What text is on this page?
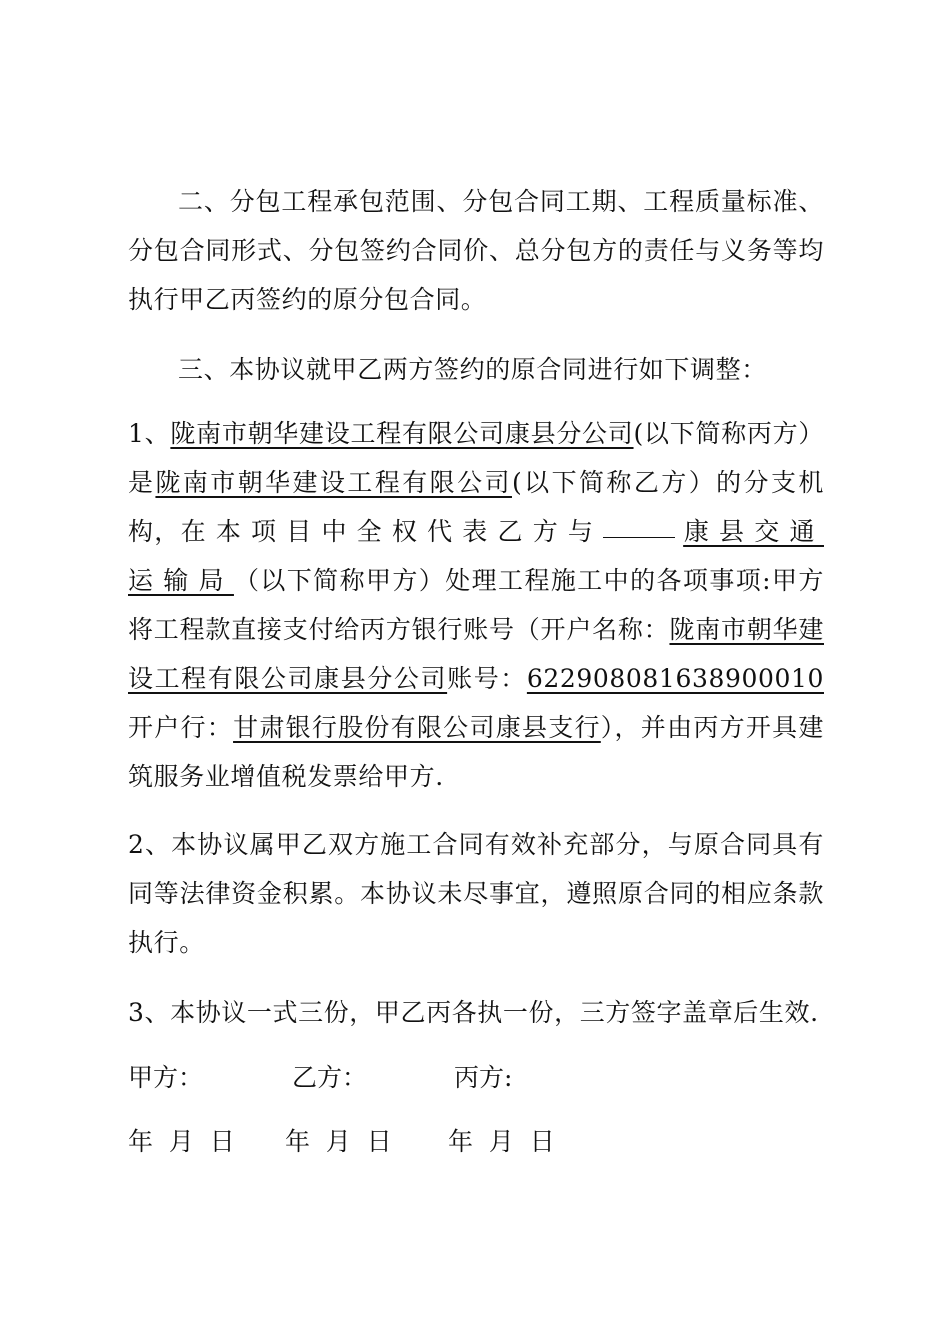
二、分包工程承包范围、分包合同工期、工程质量标准、分包合同形式、分包签约合同价、总分包方的责任与义务等均执行甲乙丙签约的原分包合同。
三、本协议就甲乙两方签约的原合同进行如下调整：
1、陇南市朝华建设工程有限公司康县分公司(以下简称丙方）是陇南市朝华建设工程有限公司(以下简称乙方）的分支机构，在本项目中全权代表乙方与	康县交通运输局（以下简称甲方）处理工程施工中的各项事项:甲方将工程款直接支付给丙方银行账号（开户名称：陇南市朝华建设工程有限公司康县分公司账号：622908081638900010开户行：甘肃银行股份有限公司康县支行），并由丙方开具建筑服务业增值税发票给甲方.
2、本协议属甲乙双方施工合同有效补充部分，与原合同具有同等法律资金积累。本协议未尽事宜，遵照原合同的相应条款执行。
3、本协议一式三份，甲乙丙各执一份，三方签字盖章后生效.
甲方：	乙方：	丙方:
年  月  日 年  月  日 年  月  日
